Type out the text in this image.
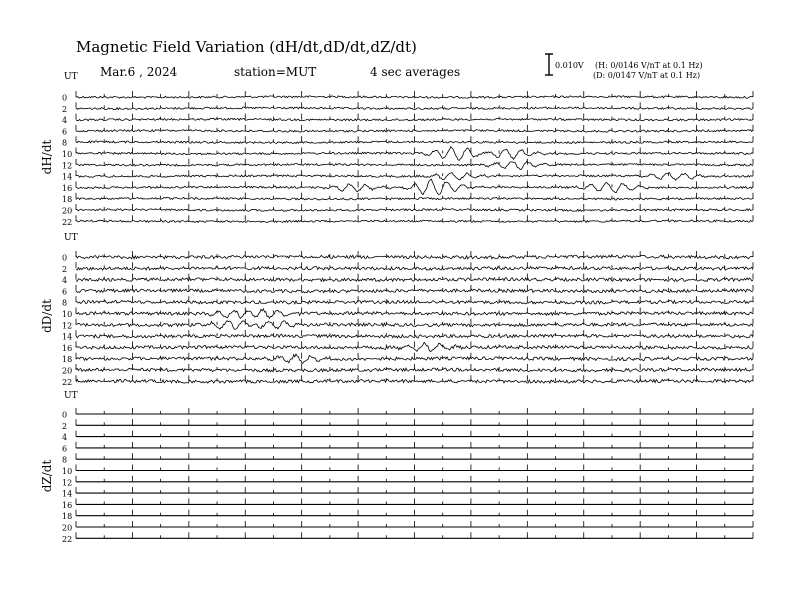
UT
dH/dt
0
2
4
6
8
10
12
14
16
18
20
22
UT
dD/dt
0
2
4
6
8
10
12
14
16
18
20
22
UT
dZ/dt
0
2
4
6
8
10
12
14
16
18
20
22
Magnetic Field Variation (dH/dt,dD/dt,dZ/dt)
Mar.6 , 2024	station=MUT	4 sec averages	0.010V (H: 0/0146 V/nT at 0.1 Hz)
(D: 0/0147 V/nT at 0.1 Hz)
